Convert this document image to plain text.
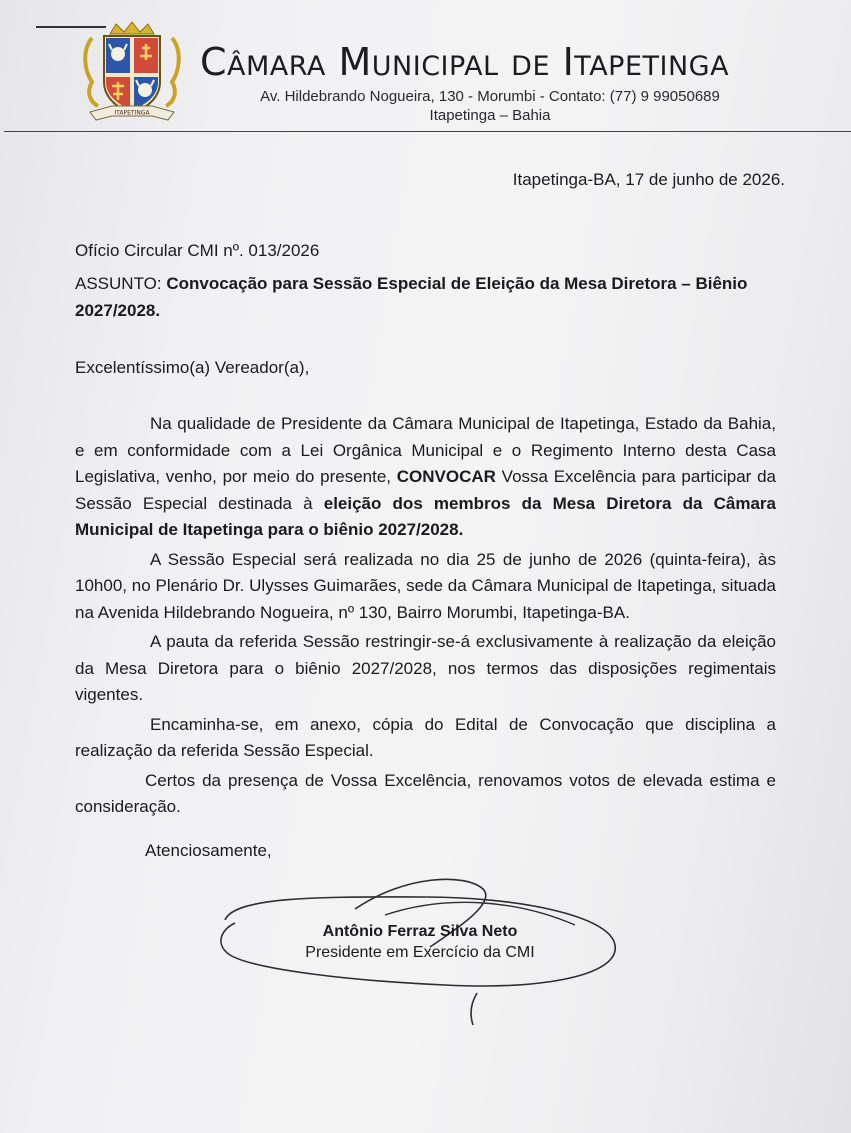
ITAPETINGA
Câmara Municipal de Itapetinga
Av. Hildebrando Nogueira, 130 - Morumbi - Contato: (77) 9 99050689
Itapetinga – Bahia
Itapetinga-BA, 17 de junho de 2026.
Ofício Circular CMI nº. 013/2026
ASSUNTO: Convocação para Sessão Especial de Eleição da Mesa Diretora – Biênio 2027/2028.
Excelentíssimo(a) Vereador(a),

Na qualidade de Presidente da Câmara Municipal de Itapetinga, Estado da Bahia, e em conformidade com a Lei Orgânica Municipal e o Regimento Interno desta Casa Legislativa, venho, por meio do presente, CONVOCAR Vossa Excelência para participar da Sessão Especial destinada à eleição dos membros da Mesa Diretora da Câmara Municipal de Itapetinga para o biênio 2027/2028.

A Sessão Especial será realizada no dia 25 de junho de 2026 (quinta-feira), às 10h00, no Plenário Dr. Ulysses Guimarães, sede da Câmara Municipal de Itapetinga, situada na Avenida Hildebrando Nogueira, nº 130, Bairro Morumbi, Itapetinga-BA.

A pauta da referida Sessão restringir-se-á exclusivamente à realização da eleição da Mesa Diretora para o biênio 2027/2028, nos termos das disposições regimentais vigentes.

Encaminha-se, em anexo, cópia do Edital de Convocação que disciplina a realização da referida Sessão Especial.

Certos da presença de Vossa Excelência, renovamos votos de elevada estima e consideração.

Atenciosamente,
Antônio Ferraz Silva Neto
Presidente em Exercício da CMI
